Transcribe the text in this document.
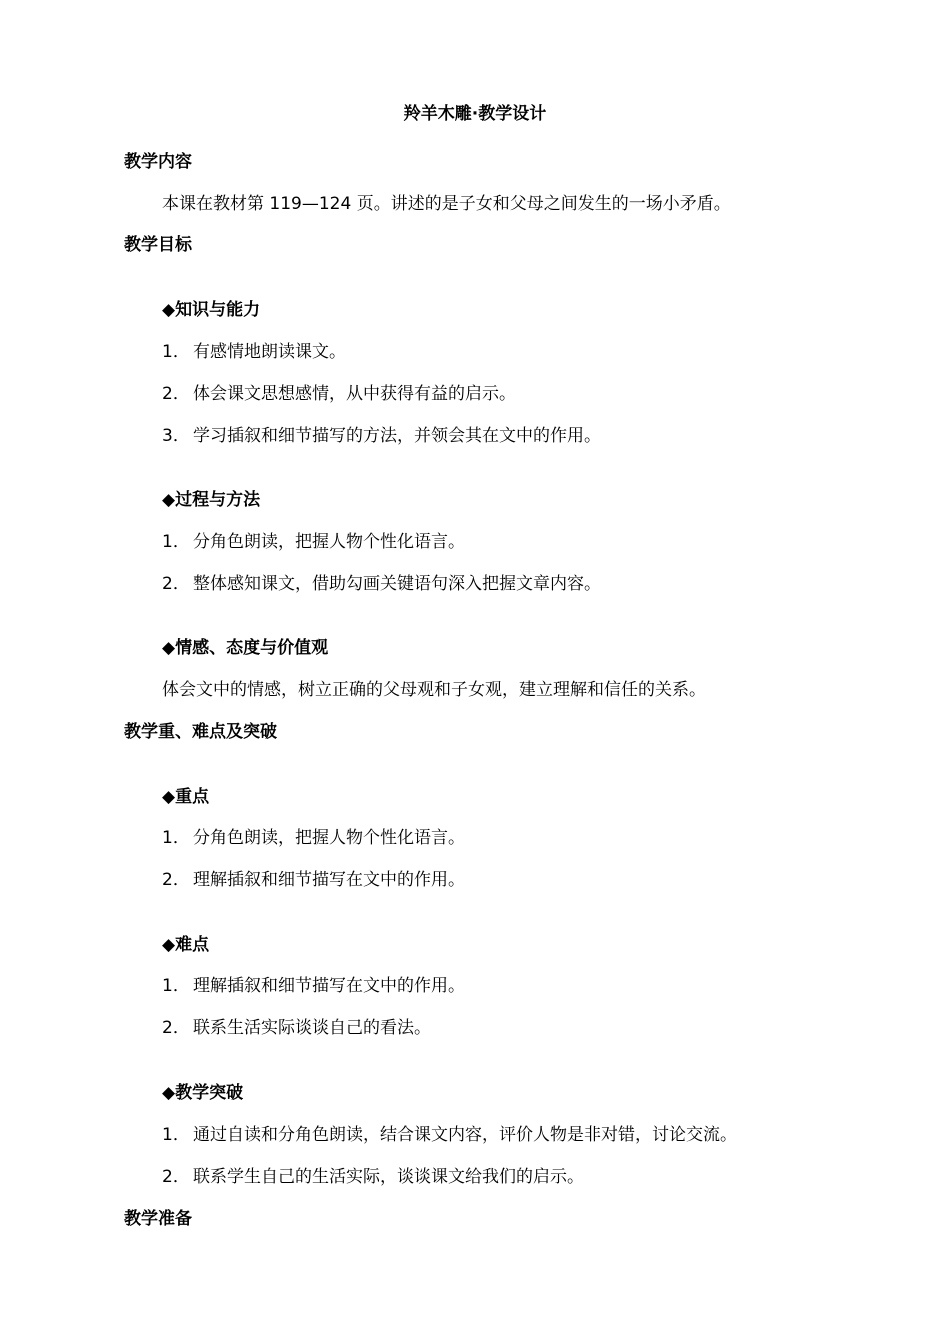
羚羊木雕·教学设计
教学内容
本课在教材第 119—124 页。讲述的是子女和父母之间发生的一场小矛盾。
教学目标
◆知识与能力
1． 有感情地朗读课文。
2． 体会课文思想感情，从中获得有益的启示。
3． 学习插叙和细节描写的方法，并领会其在文中的作用。
◆过程与方法
1． 分角色朗读，把握人物个性化语言。
2． 整体感知课文，借助勾画关键语句深入把握文章内容。
◆情感、态度与价值观
体会文中的情感，树立正确的父母观和子女观，建立理解和信任的关系。
教学重、难点及突破
◆重点
1． 分角色朗读，把握人物个性化语言。
2． 理解插叙和细节描写在文中的作用。
◆难点
1． 理解插叙和细节描写在文中的作用。
2． 联系生活实际谈谈自己的看法。
◆教学突破
1． 通过自读和分角色朗读，结合课文内容，评价人物是非对错，讨论交流。
2． 联系学生自己的生活实际，谈谈课文给我们的启示。
教学准备
